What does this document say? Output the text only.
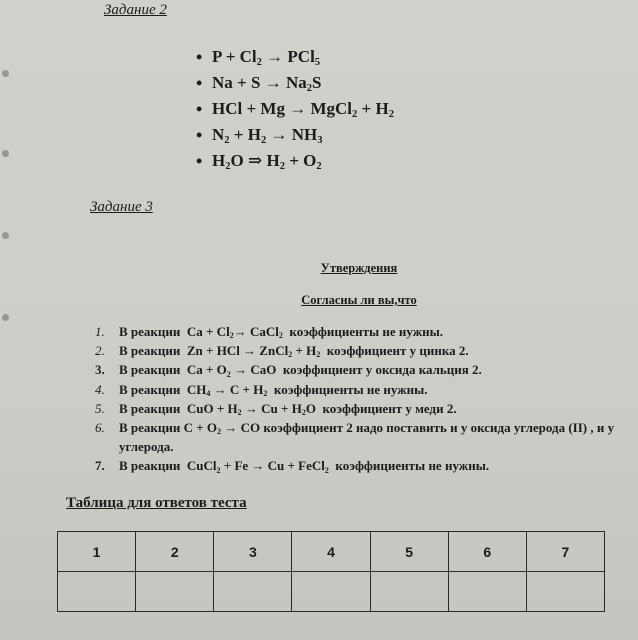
Задание 2
P + Cl2 → PCl5
Na + S → Na2S
HCl + Mg → MgCl2 + H2
N2 + H2 → NH3
H2O ⇒ H2 + O2
Задание 3
Утверждения
Согласны ли вы,что
1. В реакции  Ca + Cl2→ CaCl2  коэффициенты не нужны.
2. В реакции  Zn + HCl → ZnCl2 + H2  коэффициент у цинка 2.
3. В реакции  Ca + O2 → CaO  коэффициент у оксида кальция 2.
4. В реакции  CH4 → C + H2  коэффициенты не нужны.
5. В реакции  CuO + H2 → Cu + H2O  коэффициент у меди 2.
6. В реакции C + O2 → CO коэффициент 2 надо поставить и у оксида углерода (II) , и у углерода.
7. В реакции  CuCl2 + Fe → Cu + FeCl2  коэффициенты не нужны.
Таблица для ответов теста
1	2	3	4	5	6	7
